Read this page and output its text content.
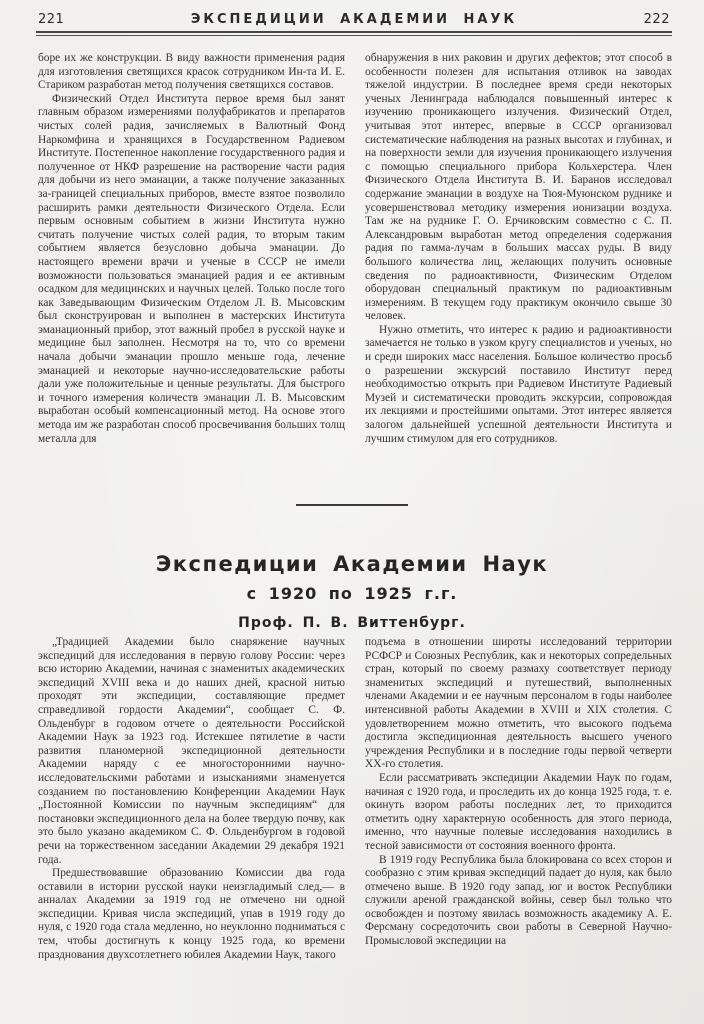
221	ЭКСПЕДИЦИИ АКАДЕМИИ НАУК	222

боре их же конструкции. В виду важности применения радия для изготовления светящихся красок сотрудником Ин-та И. Е. Стариком разработан метод получения светящихся составов.

Физический Отдел Института первое время был занят главным образом измерениями полуфабрикатов и препаратов чистых солей радия, зачисляемых в Валютный Фонд Наркомфина и хранящихся в Государственном Радиевом Институте. Постепенное накопление государственного радия и полученное от НКФ разрешение на растворение части радия для добычи из него эманации, а также получение заказанных за-границей специальных приборов, вместе взятое позволило расширить рамки деятельности Физического Отдела. Если первым основным событием в жизни Института нужно считать получение чистых солей радия, то вторым таким событием является безусловно добыча эманации. До настоящего времени врачи и ученые в СССР не имели возможности пользоваться эманацией радия и ее активным осадком для медицинских и научных целей. Только после того как Заведывающим Физическим Отделом Л. В. Мысовским был сконструирован и выполнен в мастерских Института эманационный прибор, этот важный пробел в русской науке и медицине был заполнен. Несмотря на то, что со времени начала добычи эманации прошло меньше года, лечение эманацией и некоторые научно-исследовательские работы дали уже положительные и ценные результаты. Для быстрого и точного измерения количеств эманации Л. В. Мысовским выработан особый компенсационный метод. На основе этого метода им же разработан способ просвечивания больших толщ металла для

обнаружения в них раковин и других дефектов; этот способ в особенности полезен для испытания отливок на заводах тяжелой индустрии. В последнее время среди некоторых ученых Ленинграда наблюдался повышенный интерес к изучению проникающего излучения. Физический Отдел, учитывая этот интерес, впервые в СССР организовал систематические наблюдения на разных высотах и глубинах, и на поверхности земли для изучения проникающего излучения с помощью специального прибора Кольхерстера. Член Физического Отдела Института В. И. Баранов исследовал содержание эманации в воздухе на Тюя-Муюнском руднике и усовершенствовал методику измерения ионизации воздуха. Там же на руднике Г. О. Ерчиковским совместно с С. П. Александровым выработан метод определения содержания радия по гамма-лучам в больших массах руды. В виду большого количества лиц, желающих получить основные сведения по радиоактивности, Физическим Отделом оборудован специальный практикум по радиоактивным измерениям. В текущем году практикум окончило свыше 30 человек.

Нужно отметить, что интерес к радию и радиоактивности замечается не только в узком кругу специалистов и ученых, но и среди широких масс населения. Большое количество просьб о разрешении экскурсий поставило Институт перед необходимостью открыть при Радиевом Институте Радиевый Музей и систематически проводить экскурсии, сопровождая их лекциями и простейшими опытами. Этот интерес является залогом дальнейшей успешной деятельности Института и лучшим стимулом для его сотрудников.

Экспедиции Академии Наук
с 1920 по 1925 г.г.
Проф. П. В. Виттенбург.

„Традицией Академии было снаряжение научных экспедиций для исследования в первую голову России: через всю историю Академии, начиная с знаменитых академических экспедиций XVIII века и до наших дней, красной нитью проходят эти экспедиции, составляющие предмет справедливой гордости Академии“, сообщает С. Ф. Ольденбург в годовом отчете о деятельности Российской Академии Наук за 1923 год. Истекшее пятилетие в части развития планомерной экспедиционной деятельности Академии наряду с ее многосторонними научно-исследовательскими работами и изысканиями знаменуется созданием по постановлению Конференции Академии Наук „Постоянной Комиссии по научным экспедициям“ для постановки экспедиционного дела на более твердую почву, как это было указано академиком С. Ф. Ольденбургом в годовой речи на торжественном заседании Академии 29 декабря 1921 года.

Предшествовавшие образованию Комиссии два года оставили в истории русской науки неизгладимый след,— в анналах Академии за 1919 год не отмечено ни одной экспедиции. Кривая числа экспедиций, упав в 1919 году до нуля, с 1920 года стала медленно, но неуклонно подниматься с тем, чтобы достигнуть к концу 1925 года, ко времени празднования двухсотлетнего юбилея Академии Наук, такого

подъема в отношении широты исследований территории РСФСР и Союзных Республик, как и некоторых сопредельных стран, который по своему размаху соответствует периоду знаменитых экспедиций и путешествий, выполненных членами Академии и ее научным персоналом в годы наиболее интенсивной работы Академии в XVIII и XIX столетия. С удовлетворением можно отметить, что высокого подъема достигла экспедиционная деятельность высшего ученого учреждения Республики и в последние годы первой четверти XX-го столетия.

Если рассматривать экспедиции Академии Наук по годам, начиная с 1920 года, и проследить их до конца 1925 года, т. е. окинуть взором работы последних лет, то приходится отметить одну характерную особенность для этого периода, именно, что научные полевые исследования находились в тесной зависимости от состояния военного фронта.

В 1919 году Республика была блокирована со всех сторон и сообразно с этим кривая экспедиций падает до нуля, как было отмечено выше. В 1920 году запад, юг и восток Республики служили ареной гражданской войны, север был только что освобожден и поэтому явилась возможность академику А. Е. Ферсману сосредоточить свои работы в Северной Научно-Промысловой экспедиции на
